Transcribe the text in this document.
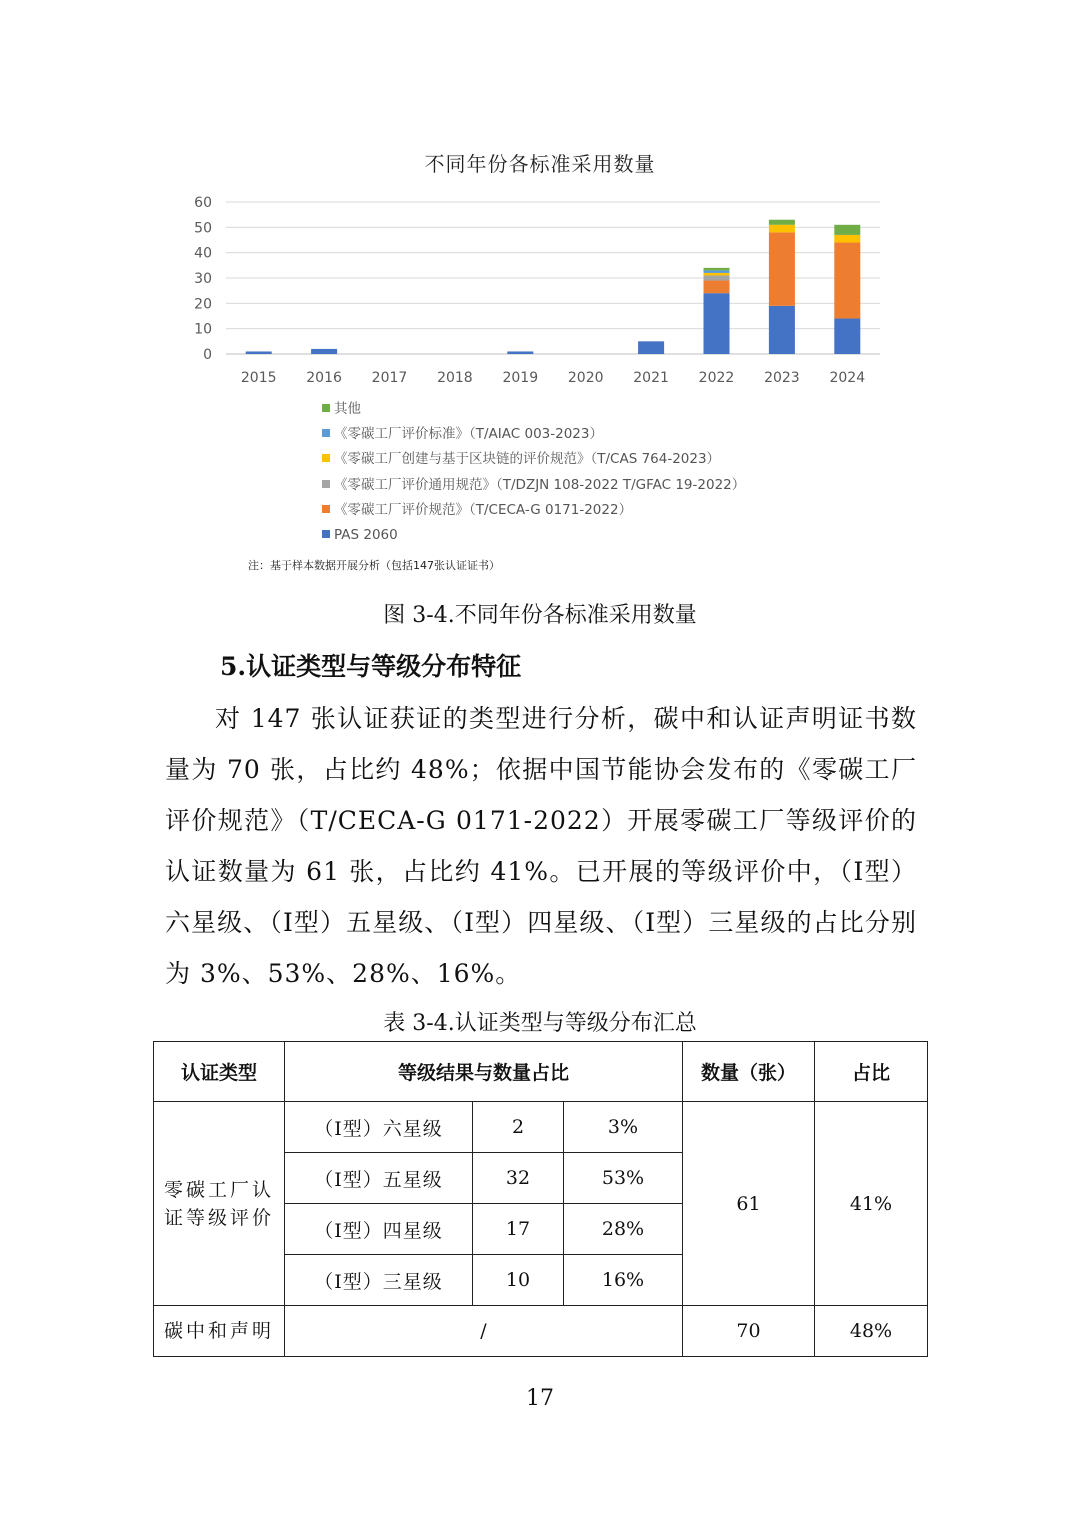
不同年份各标准采用数量
0
10
20
30
40
50
60
2015 2016 2017 2018 2019 2020 2021 2022 2023 2024
其他
《零碳工厂评价标准》（T/AIAC 003-2023）
《零碳工厂创建与基于区块链的评价规范》（T/CAS 764-2023）
《零碳工厂评价通用规范》（T/DZJN 108-2022 T/GFAC 19-2022）
《零碳工厂评价规范》（T/CECA-G 0171-2022）
PAS 2060
注：基于样本数据开展分析（包括147张认证证书）
图 3-4.不同年份各标准采用数量
5.认证类型与等级分布特征
对 147 张认证获证的类型进行分析，碳中和认证声明证书数量为 70 张，占比约 48%；依据中国节能协会发布的《零碳工厂评价规范》（T/CECA-G 0171-2022）开展零碳工厂等级评价的认证数量为 61 张，占比约 41%。已开展的等级评价中，（Ⅰ型）六星级、（Ⅰ型）五星级、（Ⅰ型）四星级、（Ⅰ型）三星级的占比分别为 3%、53%、28%、16%。
表 3-4.认证类型与等级分布汇总
认证类型	等级结果与数量占比			数量（张）	占比
零碳工厂认证等级评价	（Ⅰ型）六星级	2	3%	61	41%
	（Ⅰ型）五星级	32	53%		
	（Ⅰ型）四星级	17	28%		
	（Ⅰ型）三星级	10	16%		
碳中和声明	/			70	48%
17
